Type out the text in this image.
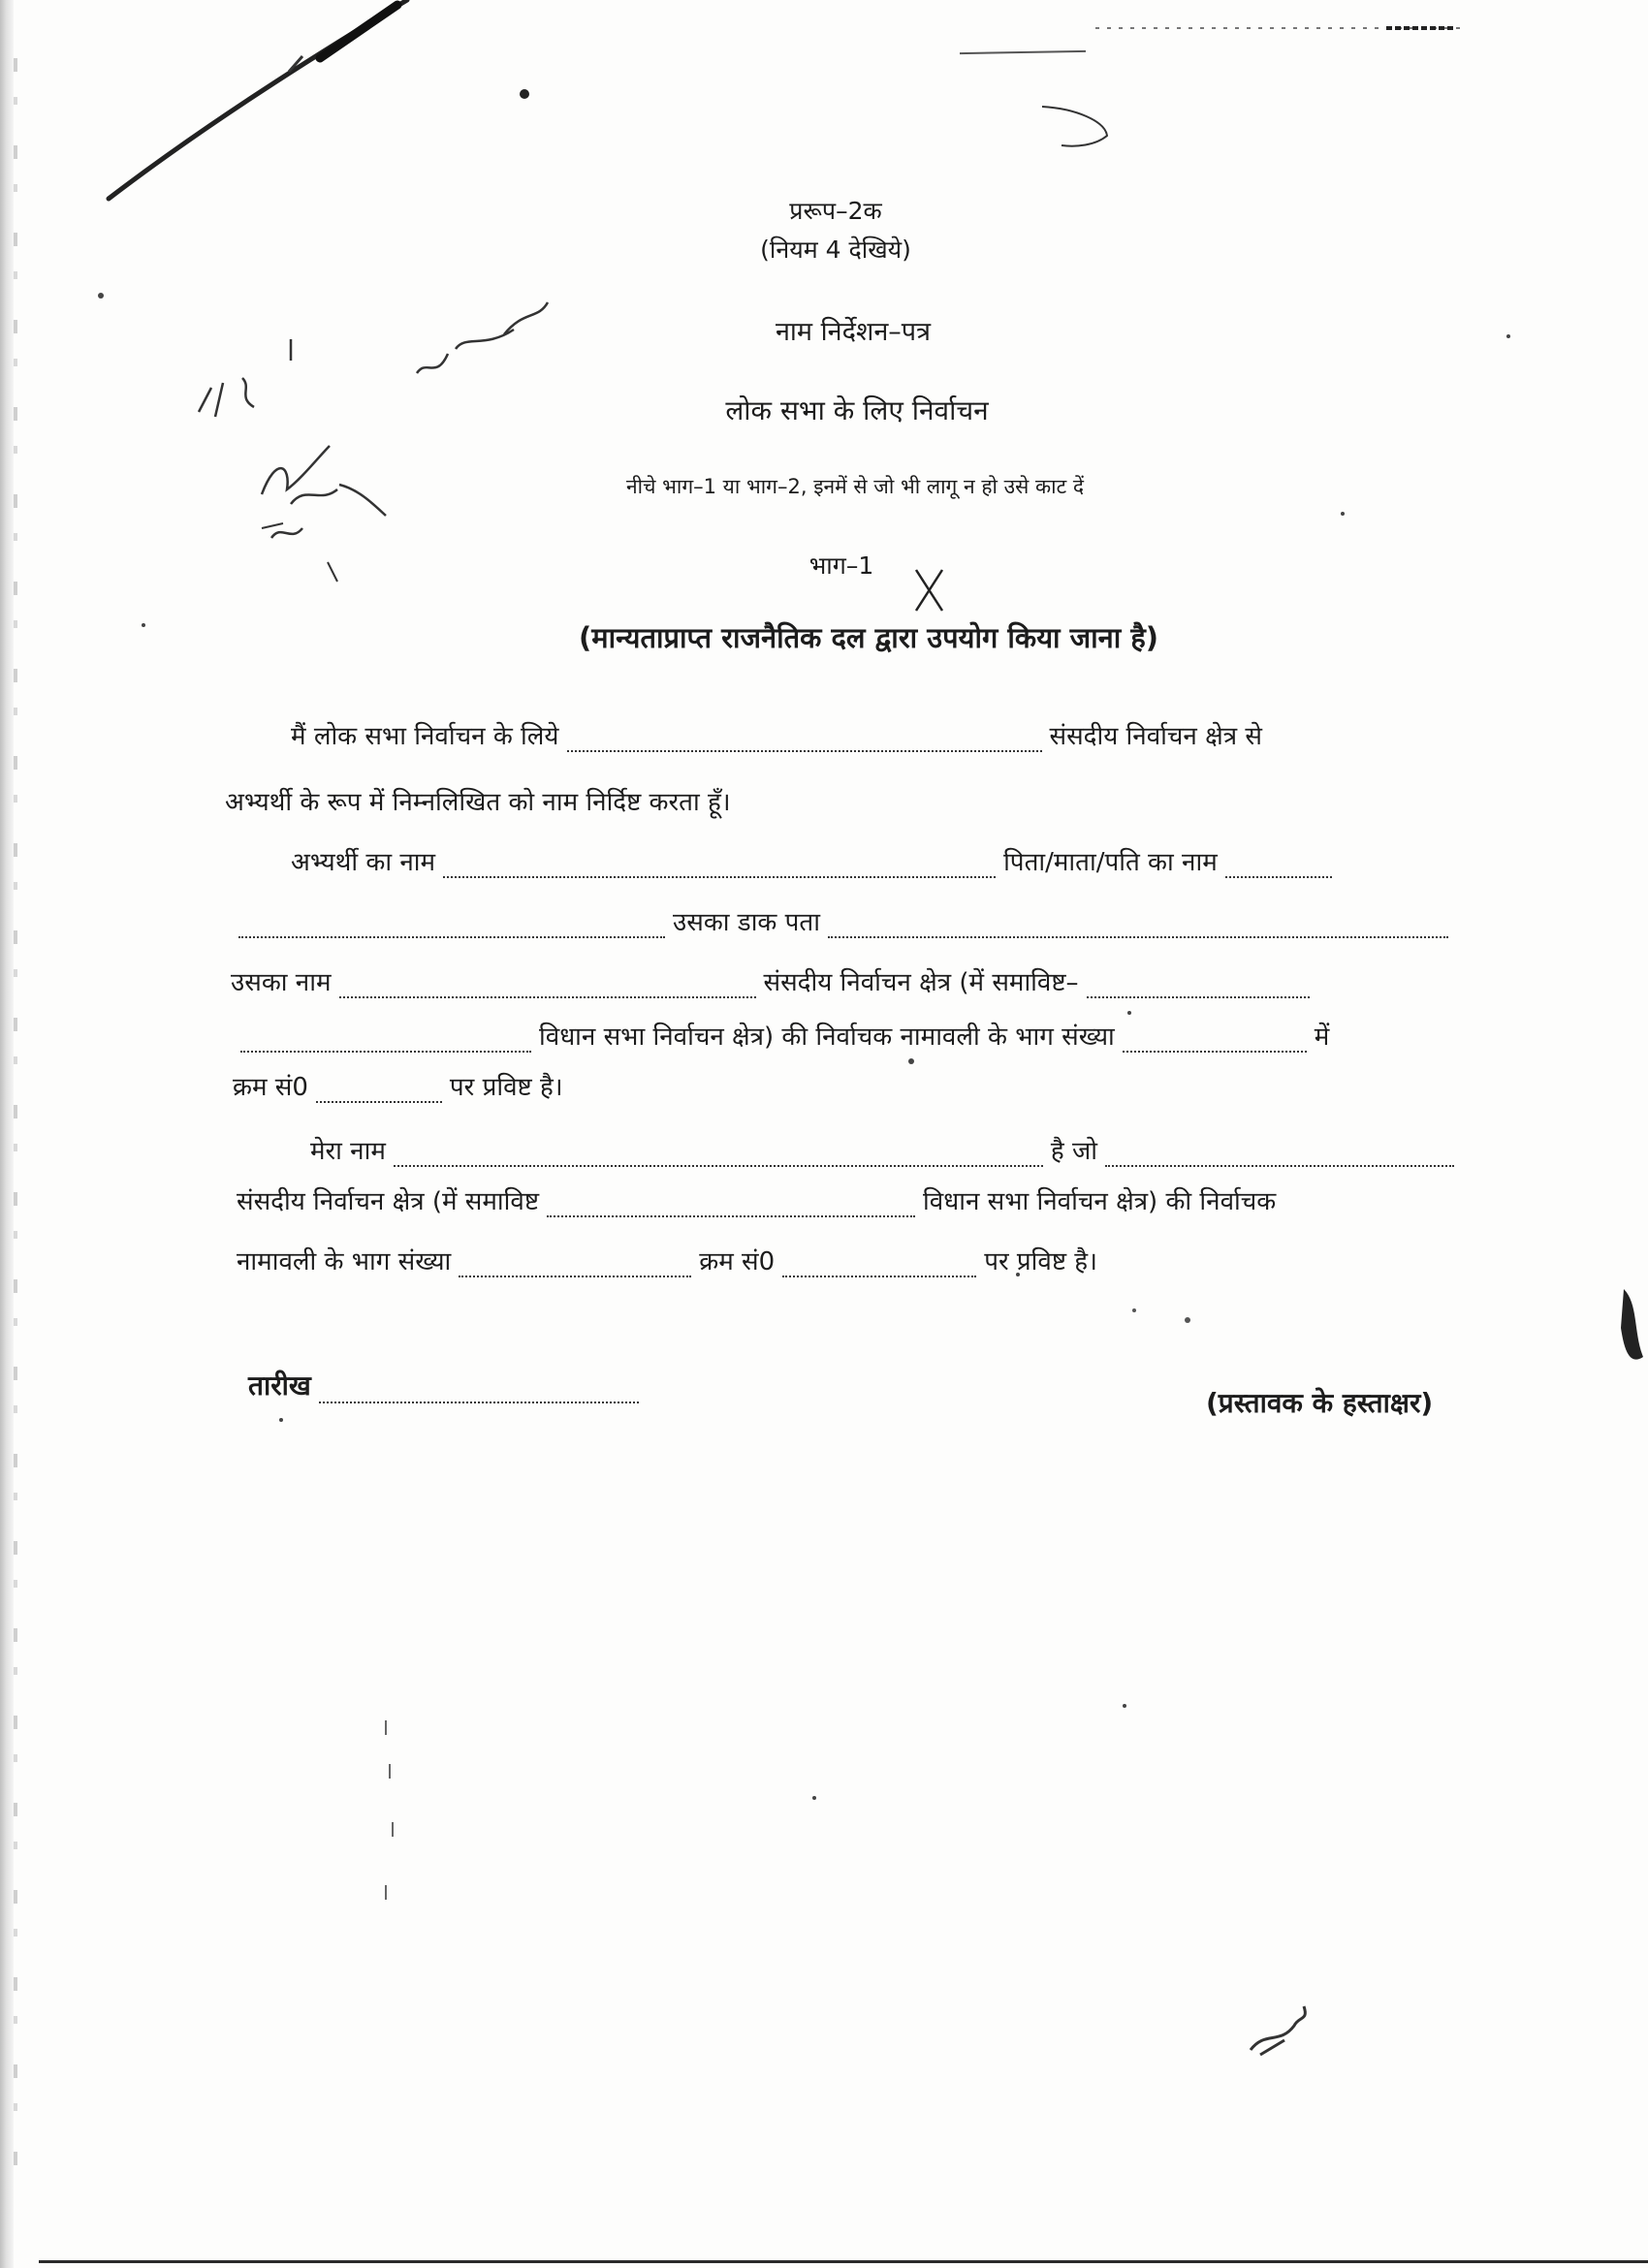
प्ररूप–2क
(नियम 4 देखिये)
नाम निर्देशन–पत्र
लोक सभा के लिए निर्वाचन
नीचे भाग–1 या भाग–2, इनमें से जो भी लागू न हो उसे काट दें
भाग–1
(मान्यताप्राप्त राजनैतिक दल द्वारा उपयोग किया जाना है)
मैं लोक सभा निर्वाचन के लिये	संसदीय निर्वाचन क्षेत्र से
अभ्यर्थी के रूप में निम्नलिखित को नाम निर्दिष्ट करता हूँ।
अभ्यर्थी का नाम	पिता/माता/पति का नाम
उसका डाक पता
उसका नाम	संसदीय निर्वाचन क्षेत्र (में समाविष्ट–
विधान सभा निर्वाचन क्षेत्र) की निर्वाचक नामावली के भाग संख्या	में
क्रम सं0	पर प्रविष्ट है।
मेरा नाम	है जो
संसदीय निर्वाचन क्षेत्र (में समाविष्ट	विधान सभा निर्वाचन क्षेत्र) की निर्वाचक
नामावली के भाग संख्या	क्रम सं0	पर प्रविष्ट है।
तारीख
(प्रस्तावक के हस्ताक्षर)
